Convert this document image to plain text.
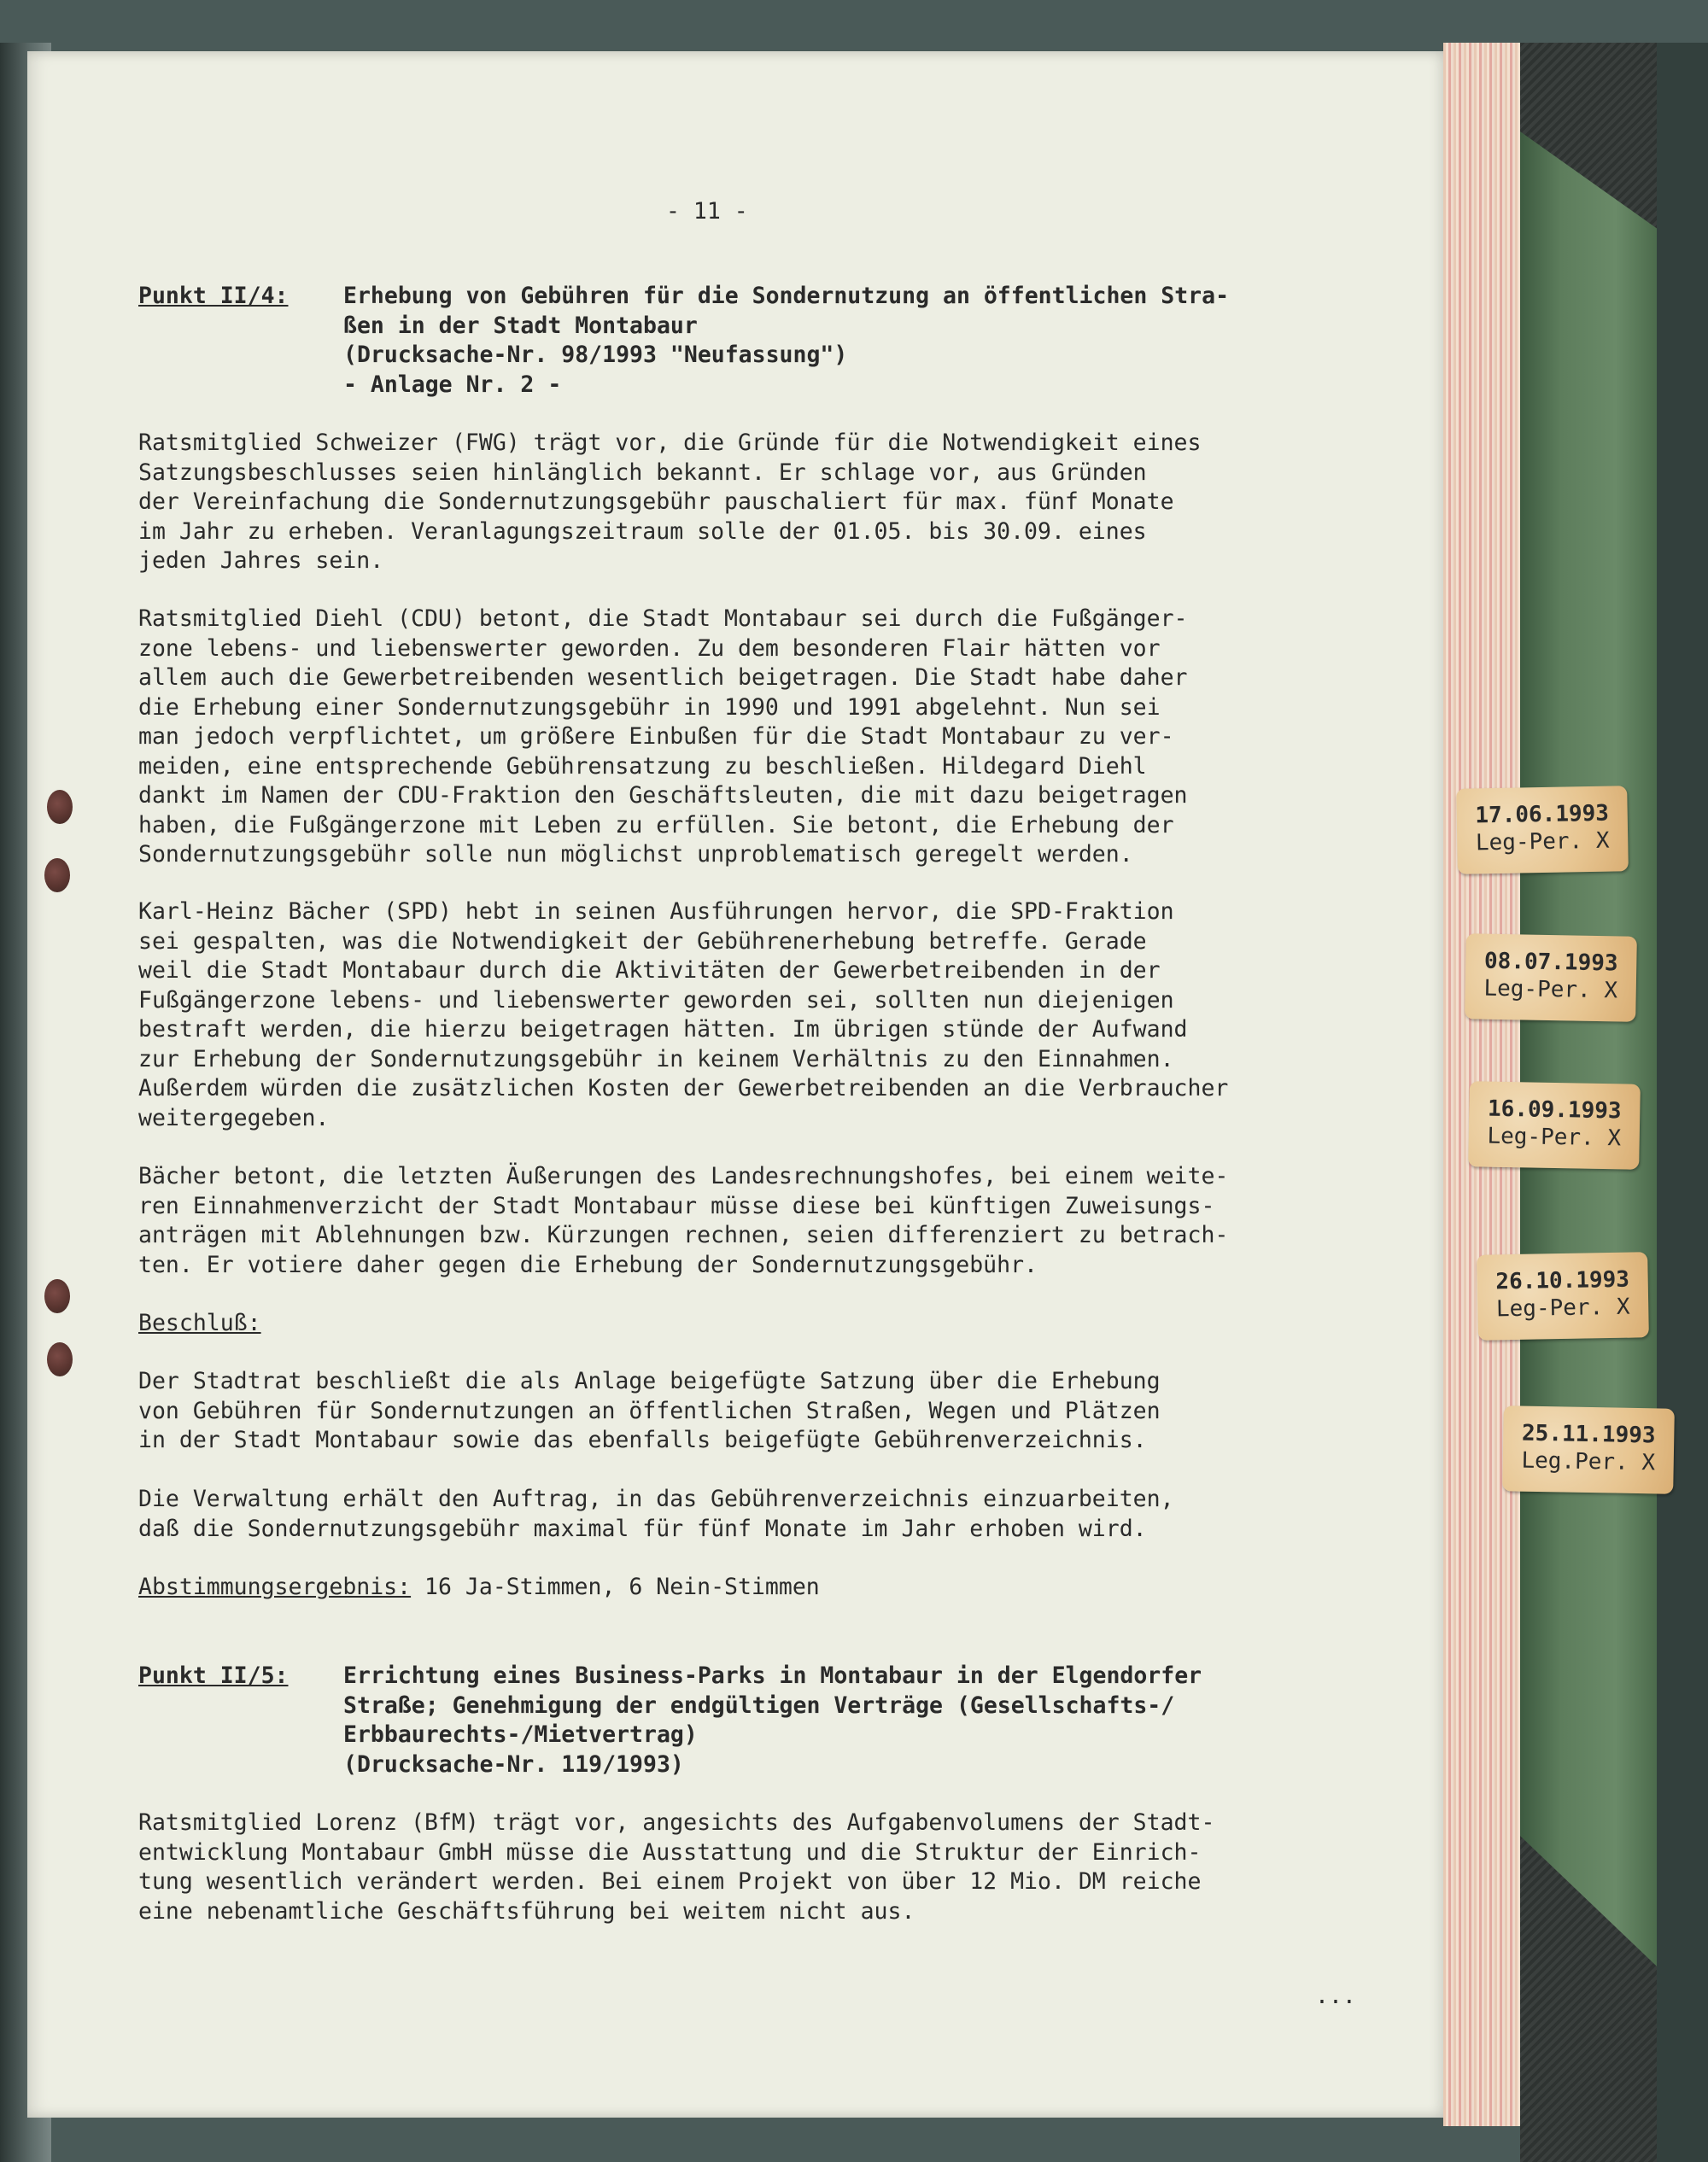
- 11 -
Punkt II/4:	Erhebung von Gebühren für die Sondernutzung an öffentlichen Stra-
ßen in der Stadt Montabaur
(Drucksache-Nr. 98/1993 "Neufassung")
- Anlage Nr. 2 -
Ratsmitglied Schweizer (FWG) trägt vor, die Gründe für die Notwendigkeit eines
Satzungsbeschlusses seien hinlänglich bekannt. Er schlage vor, aus Gründen
der Vereinfachung die Sondernutzungsgebühr pauschaliert für max. fünf Monate
im Jahr zu erheben. Veranlagungszeitraum solle der 01.05. bis 30.09. eines
jeden Jahres sein.
Ratsmitglied Diehl (CDU) betont, die Stadt Montabaur sei durch die Fußgänger-
zone lebens- und liebenswerter geworden. Zu dem besonderen Flair hätten vor
allem auch die Gewerbetreibenden wesentlich beigetragen. Die Stadt habe daher
die Erhebung einer Sondernutzungsgebühr in 1990 und 1991 abgelehnt. Nun sei
man jedoch verpflichtet, um größere Einbußen für die Stadt Montabaur zu ver-
meiden, eine entsprechende Gebührensatzung zu beschließen. Hildegard Diehl
dankt im Namen der CDU-Fraktion den Geschäftsleuten, die mit dazu beigetragen
haben, die Fußgängerzone mit Leben zu erfüllen. Sie betont, die Erhebung der
Sondernutzungsgebühr solle nun möglichst unproblematisch geregelt werden.
Karl-Heinz Bächer (SPD) hebt in seinen Ausführungen hervor, die SPD-Fraktion
sei gespalten, was die Notwendigkeit der Gebührenerhebung betreffe. Gerade
weil die Stadt Montabaur durch die Aktivitäten der Gewerbetreibenden in der
Fußgängerzone lebens- und liebenswerter geworden sei, sollten nun diejenigen
bestraft werden, die hierzu beigetragen hätten. Im übrigen stünde der Aufwand
zur Erhebung der Sondernutzungsgebühr in keinem Verhältnis zu den Einnahmen.
Außerdem würden die zusätzlichen Kosten der Gewerbetreibenden an die Verbraucher
weitergegeben.
Bächer betont, die letzten Äußerungen des Landesrechnungshofes, bei einem weite-
ren Einnahmenverzicht der Stadt Montabaur müsse diese bei künftigen Zuweisungs-
anträgen mit Ablehnungen bzw. Kürzungen rechnen, seien differenziert zu betrach-
ten. Er votiere daher gegen die Erhebung der Sondernutzungsgebühr.
Beschluß:
Der Stadtrat beschließt die als Anlage beigefügte Satzung über die Erhebung
von Gebühren für Sondernutzungen an öffentlichen Straßen, Wegen und Plätzen
in der Stadt Montabaur sowie das ebenfalls beigefügte Gebührenverzeichnis.
Die Verwaltung erhält den Auftrag, in das Gebührenverzeichnis einzuarbeiten,
daß die Sondernutzungsgebühr maximal für fünf Monate im Jahr erhoben wird.
Abstimmungsergebnis: 16 Ja-Stimmen, 6 Nein-Stimmen
Punkt II/5:	Errichtung eines Business-Parks in Montabaur in der Elgendorfer
Straße; Genehmigung der endgültigen Verträge (Gesellschafts-/
Erbbaurechts-/Mietvertrag)
(Drucksache-Nr. 119/1993)
Ratsmitglied Lorenz (BfM) trägt vor, angesichts des Aufgabenvolumens der Stadt-
entwicklung Montabaur GmbH müsse die Ausstattung und die Struktur der Einrich-
tung wesentlich verändert werden. Bei einem Projekt von über 12 Mio. DM reiche
eine nebenamtliche Geschäftsführung bei weitem nicht aus.
...
17.06.1993
Leg-Per. X
08.07.1993
Leg-Per. X
16.09.1993
Leg-Per. X
26.10.1993
Leg-Per. X
25.11.1993
Leg.Per. X
